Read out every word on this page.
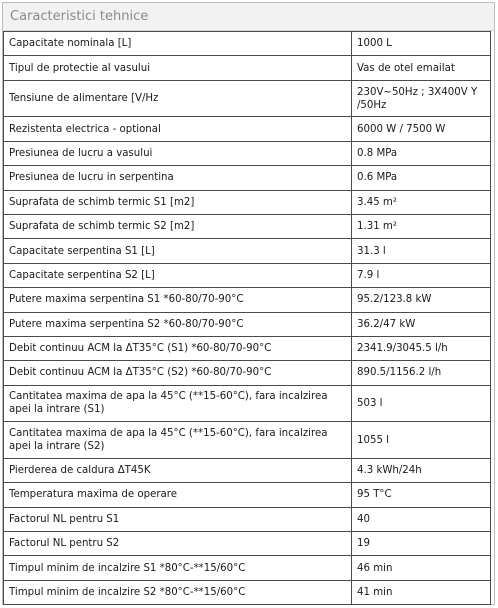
Caracteristici tehnice
Capacitate nominala [L]	1000 L
Tipul de protectie al vasului	Vas de otel emailat
Tensiune de alimentare [V/Hz	230V~50Hz ; 3X400V Y /50Hz
Rezistenta electrica - optional	6000 W / 7500 W
Presiunea de lucru a vasului	0.8 MPa
Presiunea de lucru in serpentina	0.6 MPa
Suprafata de schimb termic S1 [m2]	3.45 m²
Suprafata de schimb termic S2 [m2]	1.31 m²
Capacitate serpentina S1 [L]	31.3 l
Capacitate serpentina S2 [L]	7.9 l
Putere maxima serpentina S1 *60-80/70-90°C	95.2/123.8 kW
Putere maxima serpentina S2 *60-80/70-90°C	36.2/47 kW
Debit continuu ACM la ΔT35°C (S1) *60-80/70-90°C	2341.9/3045.5 l/h
Debit continuu ACM la ΔT35°C (S2) *60-80/70-90°C	890.5/1156.2 l/h
Cantitatea maxima de apa la 45°C (**15-60°C), fara incalzirea apei la intrare (S1)	503 l
Cantitatea maxima de apa la 45°C (**15-60°C), fara incalzirea apei la intrare (S2)	1055 l
Pierderea de caldura ΔT45K	4.3 kWh/24h
Temperatura maxima de operare	95 T°C
Factorul NL pentru S1	40
Factorul NL pentru S2	19
Timpul minim de incalzire S1 *80°C-**15/60°C	46 min
Timpul minim de incalzire S2 *80°C-**15/60°C	41 min
